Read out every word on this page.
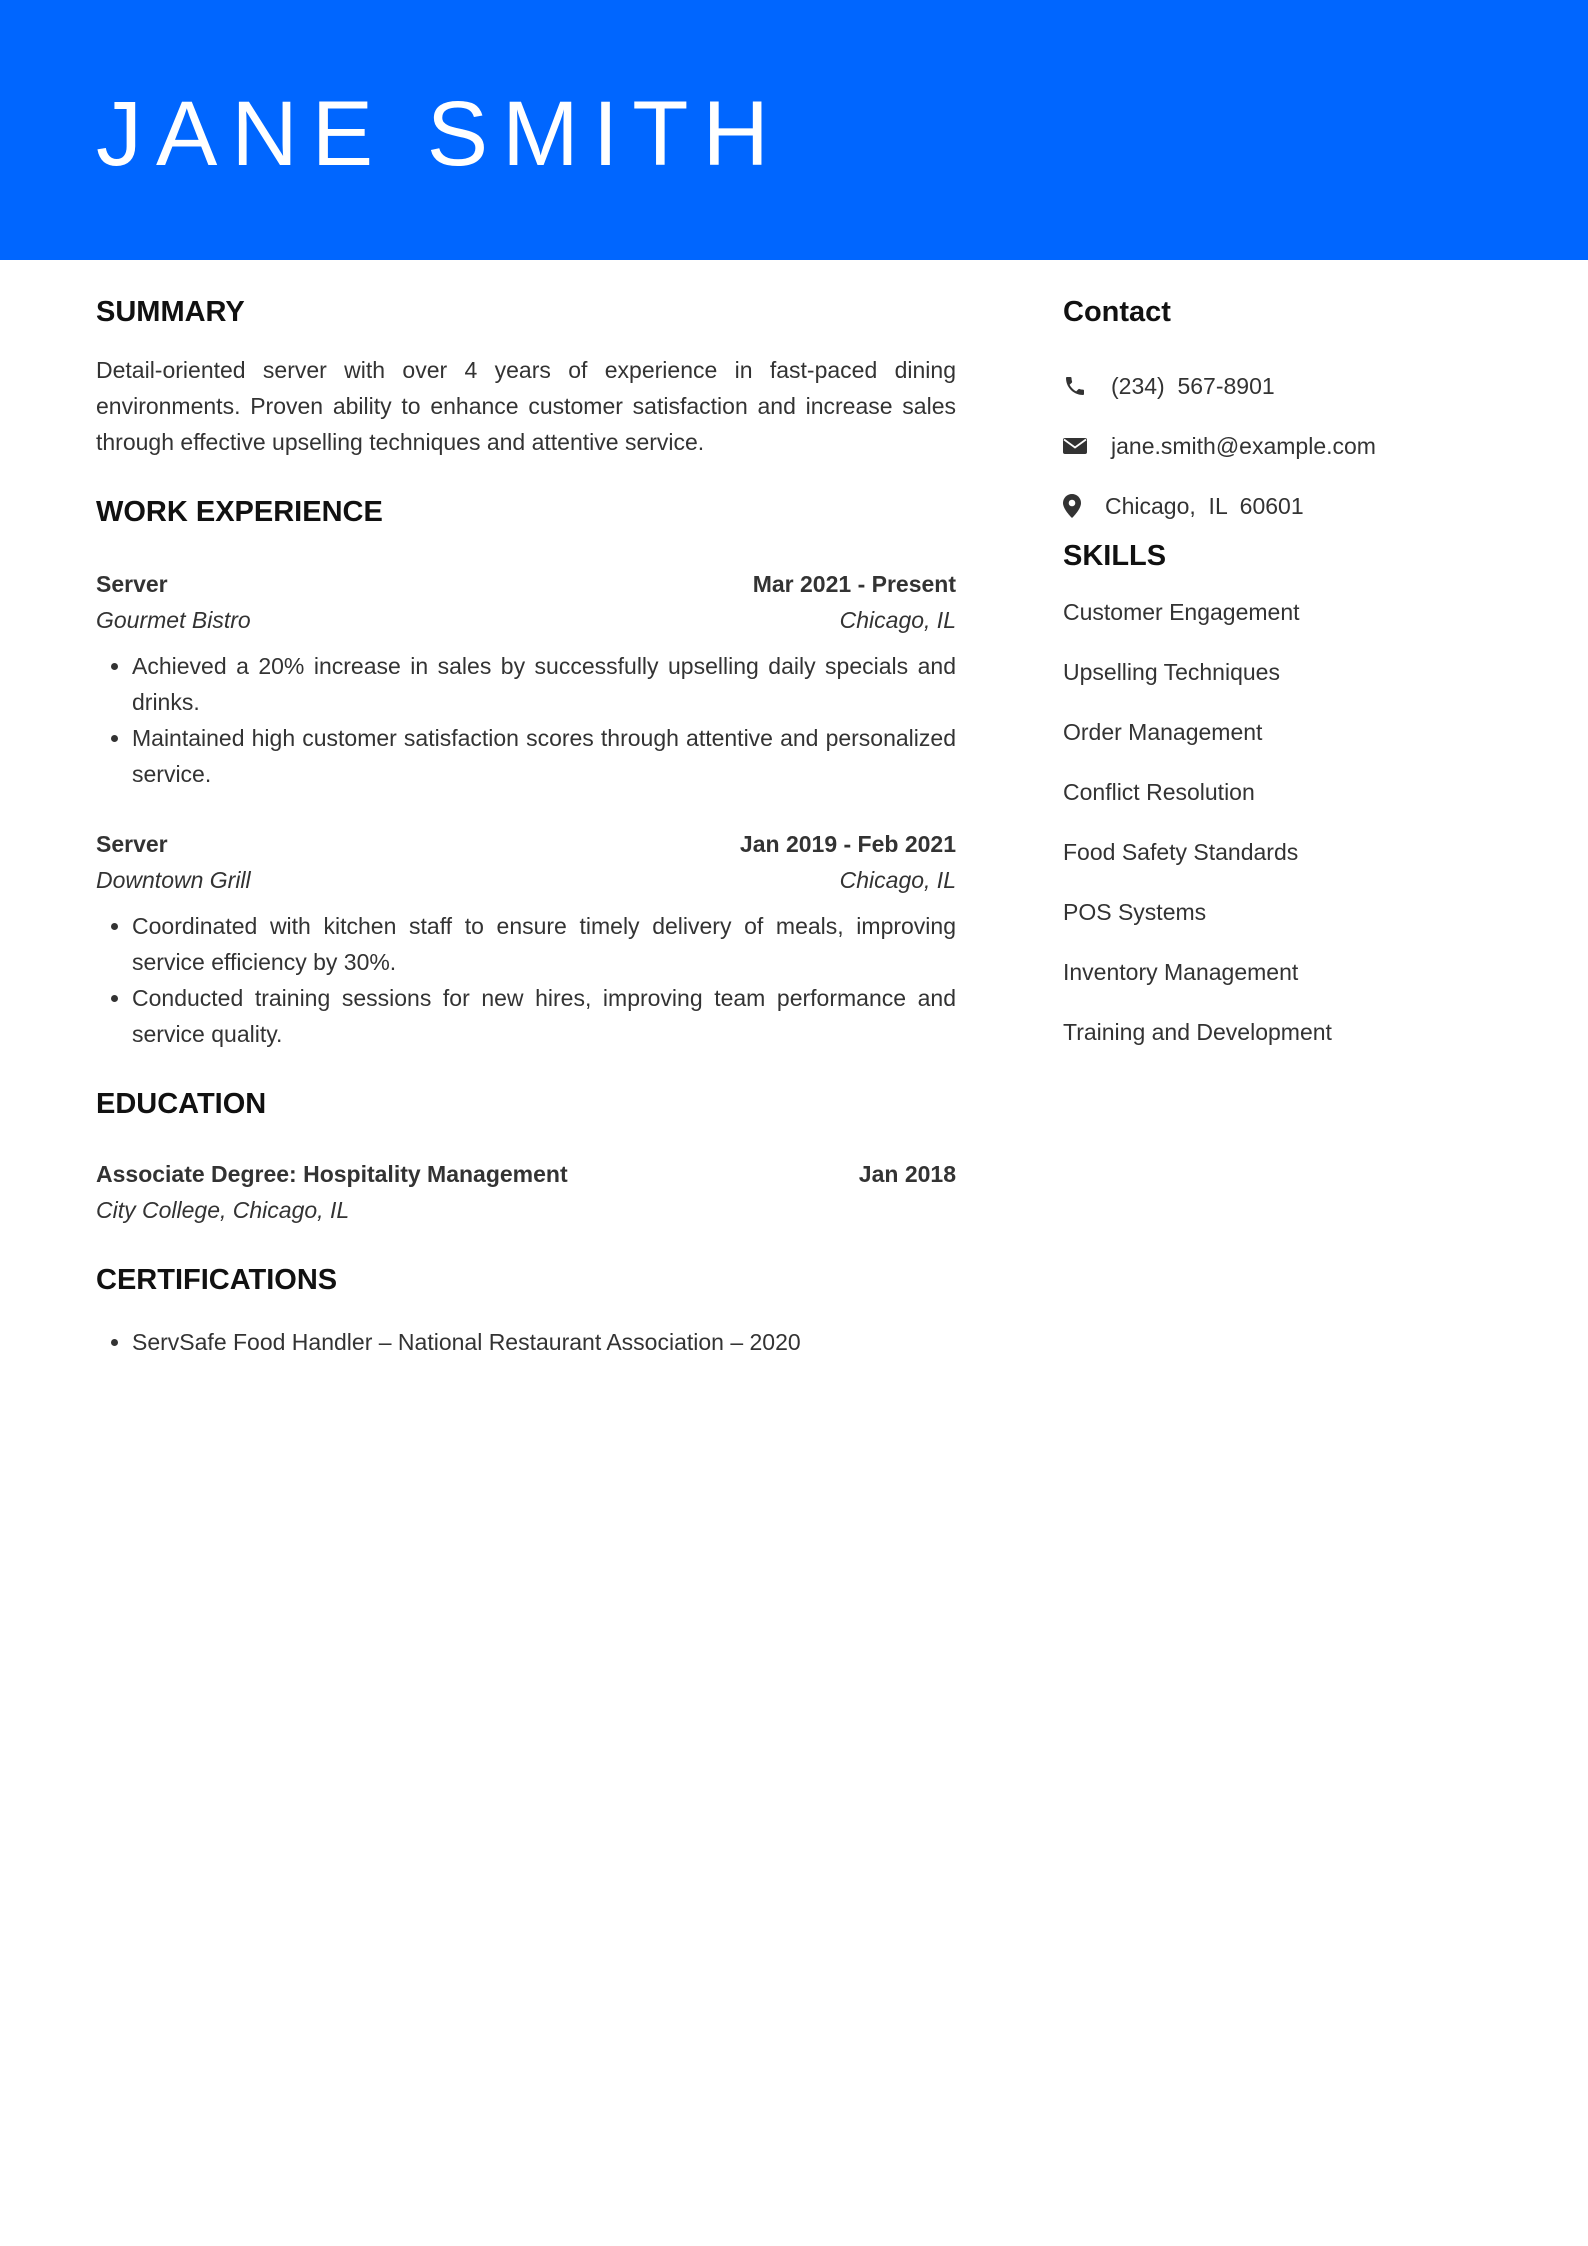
JANE SMITH
SUMMARY

Detail-oriented server with over 4 years of experience in fast-paced dining environments. Proven ability to enhance customer satisfaction and increase sales through effective upselling techniques and attentive service.

WORK EXPERIENCE
Server	Mar 2021 - Present
Gourmet Bistro	Chicago, IL
• Achieved a 20% increase in sales by successfully upselling daily specials and drinks.
• Maintained high customer satisfaction scores through attentive and personalized service.
Server	Jan 2019 - Feb 2021
Downtown Grill	Chicago, IL
• Coordinated with kitchen staff to ensure timely delivery of meals, improving service efficiency by 30%.
• Conducted training sessions for new hires, improving team performance and service quality.
EDUCATION
Associate Degree: Hospitality Management	Jan 2018
City College, Chicago, IL
CERTIFICATIONS
• ServSafe Food Handler – National Restaurant Association – 2020
Contact
(234)  567-8901
jane.smith@example.com
Chicago,  IL  60601
SKILLS
Customer Engagement
Upselling Techniques
Order Management
Conflict Resolution
Food Safety Standards
POS Systems
Inventory Management
Training and Development
